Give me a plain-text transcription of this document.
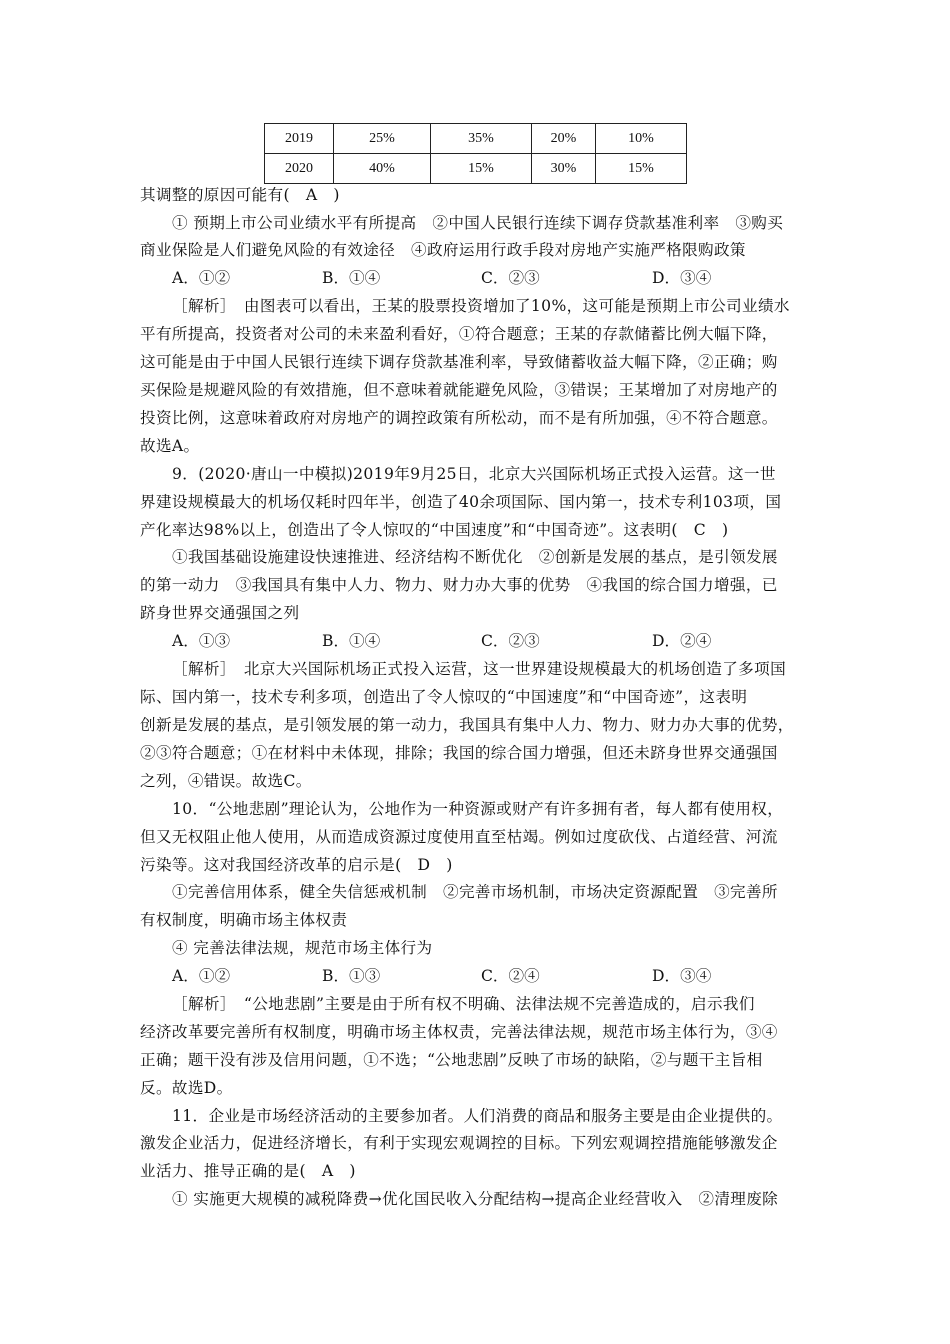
2019	25%	35%	20%	10%
2020	40%	15%	30%	15%
其调整的原因可能有(　A　)
① 预期上市公司业绩水平有所提高　②中国人民银行连续下调存贷款基准利率　③购买
商业保险是人们避免风险的有效途径　④政府运用行政手段对房地产实施严格限购政策
A．①②	B．①④	C．②③	D．③④
［解析］　由图表可以看出，王某的股票投资增加了10%，这可能是预期上市公司业绩水
平有所提高，投资者对公司的未来盈利看好，①符合题意；王某的存款储蓄比例大幅下降，
这可能是由于中国人民银行连续下调存贷款基准利率，导致储蓄收益大幅下降，②正确；购
买保险是规避风险的有效措施，但不意味着就能避免风险，③错误；王某增加了对房地产的
投资比例，这意味着政府对房地产的调控政策有所松动，而不是有所加强，④不符合题意。
故选A。
9．(2020·唐山一中模拟)2019年9月25日，北京大兴国际机场正式投入运营。这一世
界建设规模最大的机场仅耗时四年半，创造了40余项国际、国内第一，技术专利103项，国
产化率达98%以上，创造出了令人惊叹的“中国速度”和“中国奇迹”。这表明(　C　)
①我国基础设施建设快速推进、经济结构不断优化　②创新是发展的基点，是引领发展
的第一动力　③我国具有集中人力、物力、财力办大事的优势　④我国的综合国力增强，已
跻身世界交通强国之列
A．①③	B．①④	C．②③	D．②④
［解析］　北京大兴国际机场正式投入运营，这一世界建设规模最大的机场创造了多项国
际、国内第一，技术专利多项，创造出了令人惊叹的“中国速度”和“中国奇迹”，这表明
创新是发展的基点，是引领发展的第一动力，我国具有集中人力、物力、财力办大事的优势，
②③符合题意；①在材料中未体现，排除；我国的综合国力增强，但还未跻身世界交通强国
之列，④错误。故选C。
10．“公地悲剧”理论认为，公地作为一种资源或财产有许多拥有者，每人都有使用权，
但又无权阻止他人使用，从而造成资源过度使用直至枯竭。例如过度砍伐、占道经营、河流
污染等。这对我国经济改革的启示是(　D　)
①完善信用体系，健全失信惩戒机制　②完善市场机制，市场决定资源配置　③完善所
有权制度，明确市场主体权责
④ 完善法律法规，规范市场主体行为
A．①②	B．①③	C．②④	D．③④
［解析］　“公地悲剧”主要是由于所有权不明确、法律法规不完善造成的，启示我们
经济改革要完善所有权制度，明确市场主体权责，完善法律法规，规范市场主体行为，③④
正确；题干没有涉及信用问题，①不选；“公地悲剧”反映了市场的缺陷，②与题干主旨相
反。故选D。
11．企业是市场经济活动的主要参加者。人们消费的商品和服务主要是由企业提供的。
激发企业活力，促进经济增长，有利于实现宏观调控的目标。下列宏观调控措施能够激发企
业活力、推导正确的是(　A　)
① 实施更大规模的减税降费→优化国民收入分配结构→提高企业经营收入　②清理废除
